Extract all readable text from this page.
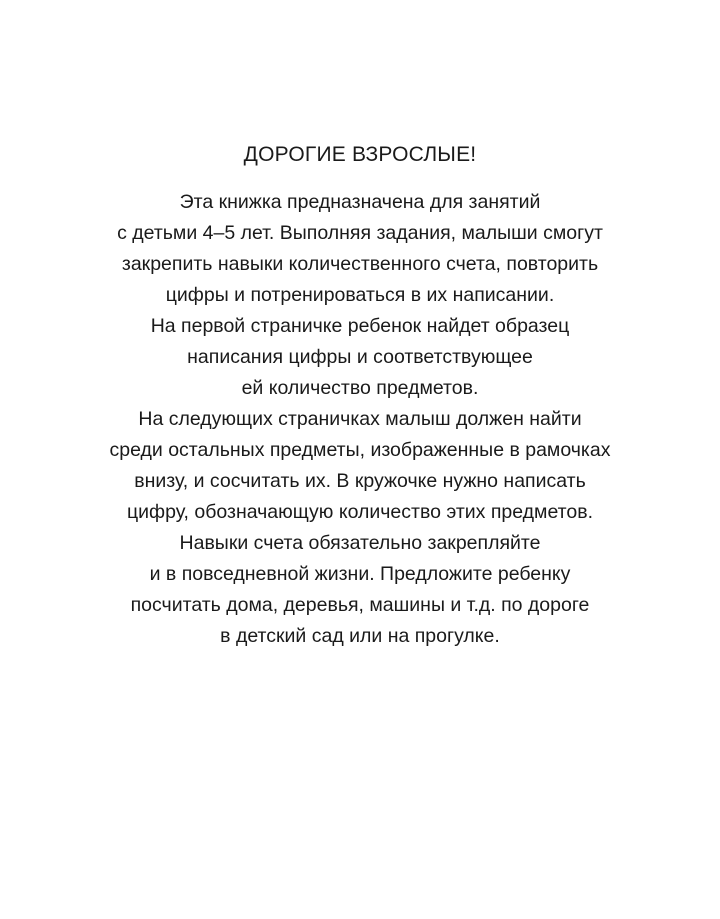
ДОРОГИЕ ВЗРОСЛЫЕ!
Эта книжка предназначена для занятий
с детьми 4–5 лет. Выполняя задания, малыши смогут
закрепить навыки количественного счета, повторить
цифры и потренироваться в их написании.
На первой страничке ребенок найдет образец
написания цифры и соответствующее
ей количество предметов.
На следующих страничках малыш должен найти
среди остальных предметы, изображенные в рамочках
внизу, и сосчитать их. В кружочке нужно написать
цифру, обозначающую количество этих предметов.
Навыки счета обязательно закрепляйте
и в повседневной жизни. Предложите ребенку
посчитать дома, деревья, машины и т.д. по дороге
в детский сад или на прогулке.
